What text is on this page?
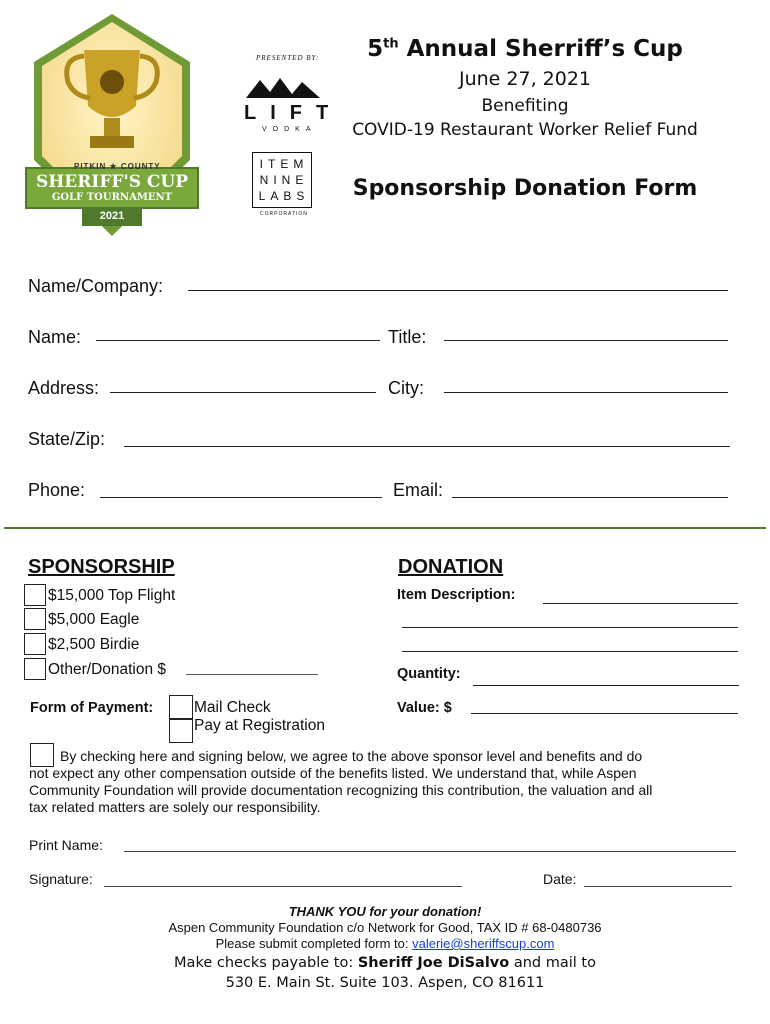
PITKIN ★ COUNTY
SHERIFF'S CUP
GOLF TOURNAMENT
2021
PRESENTED BY:
LIFT
VODKA
ITEM
NINE
LABS
CORPORATION
5th Annual Sherriff’s Cup
June 27, 2021
Benefiting
COVID-19 Restaurant Worker Relief Fund
Sponsorship Donation Form
Name/Company:
Name:	Title:
Address:	City:
State/Zip:
Phone:	Email:
SPONSORSHIP
$15,000 Top Flight
$5,000 Eagle
$2,500 Birdie
Other/Donation $
Form of Payment:	Mail Check
Pay at Registration
DONATION
Item Description:
Quantity:
Value: $
By checking here and signing below, we agree to the above sponsor level and benefits and do
not expect any other compensation outside of the benefits listed. We understand that, while Aspen
Community Foundation will provide documentation recognizing this contribution, the valuation and all
tax related matters are solely our responsibility.
Print Name:
Signature:	Date:
THANK YOU for your donation!
Aspen Community Foundation c/o Network for Good, TAX ID # 68-0480736
Please submit completed form to: valerie@sheriffscup.com
Make checks payable to: Sheriff Joe DiSalvo and mail to
530 E. Main St. Suite 103. Aspen, CO 81611
